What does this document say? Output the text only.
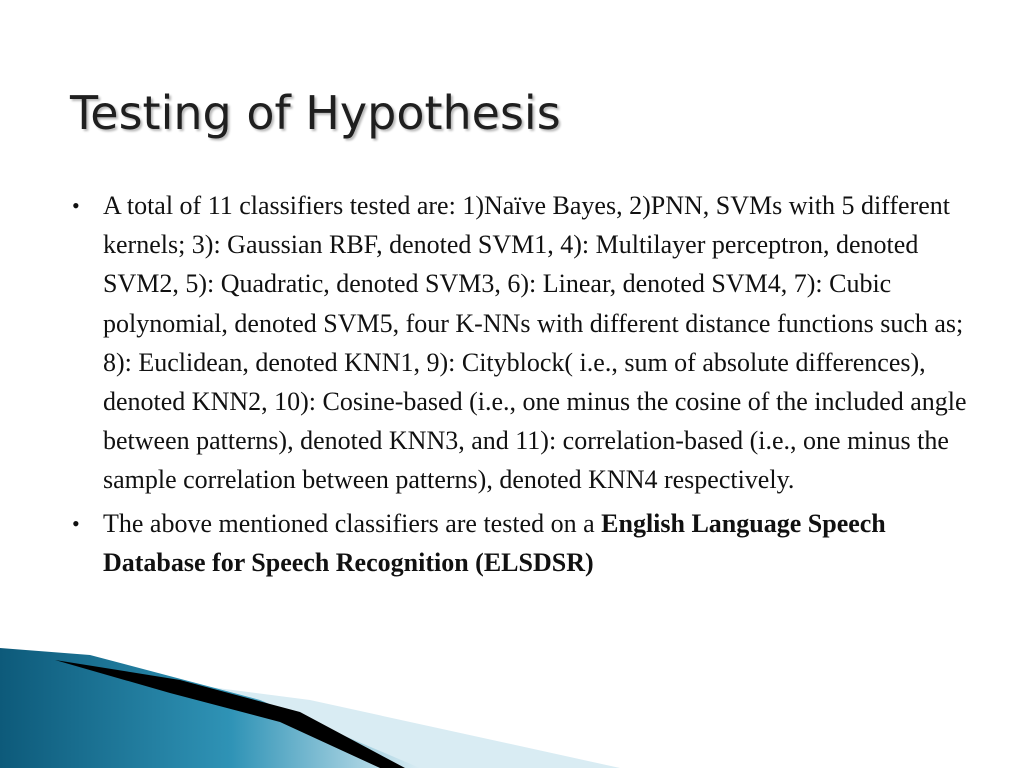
Testing of Hypothesis
• A total of 11 classifiers tested are: 1)Naïve Bayes, 2)PNN, SVMs with 5 different kernels; 3): Gaussian RBF, denoted SVM1, 4): Multilayer perceptron, denoted SVM2, 5): Quadratic, denoted SVM3, 6): Linear, denoted SVM4, 7): Cubic polynomial, denoted SVM5, four K-NNs with different distance functions such as; 8): Euclidean, denoted KNN1, 9): Cityblock( i.e., sum of absolute differences), denoted KNN2, 10): Cosine-based (i.e., one minus the cosine of the included angle between patterns), denoted KNN3, and 11): correlation-based (i.e., one minus the sample correlation between patterns), denoted KNN4 respectively.
• The above mentioned classifiers are tested on a English Language Speech Database for Speech Recognition (ELSDSR)
